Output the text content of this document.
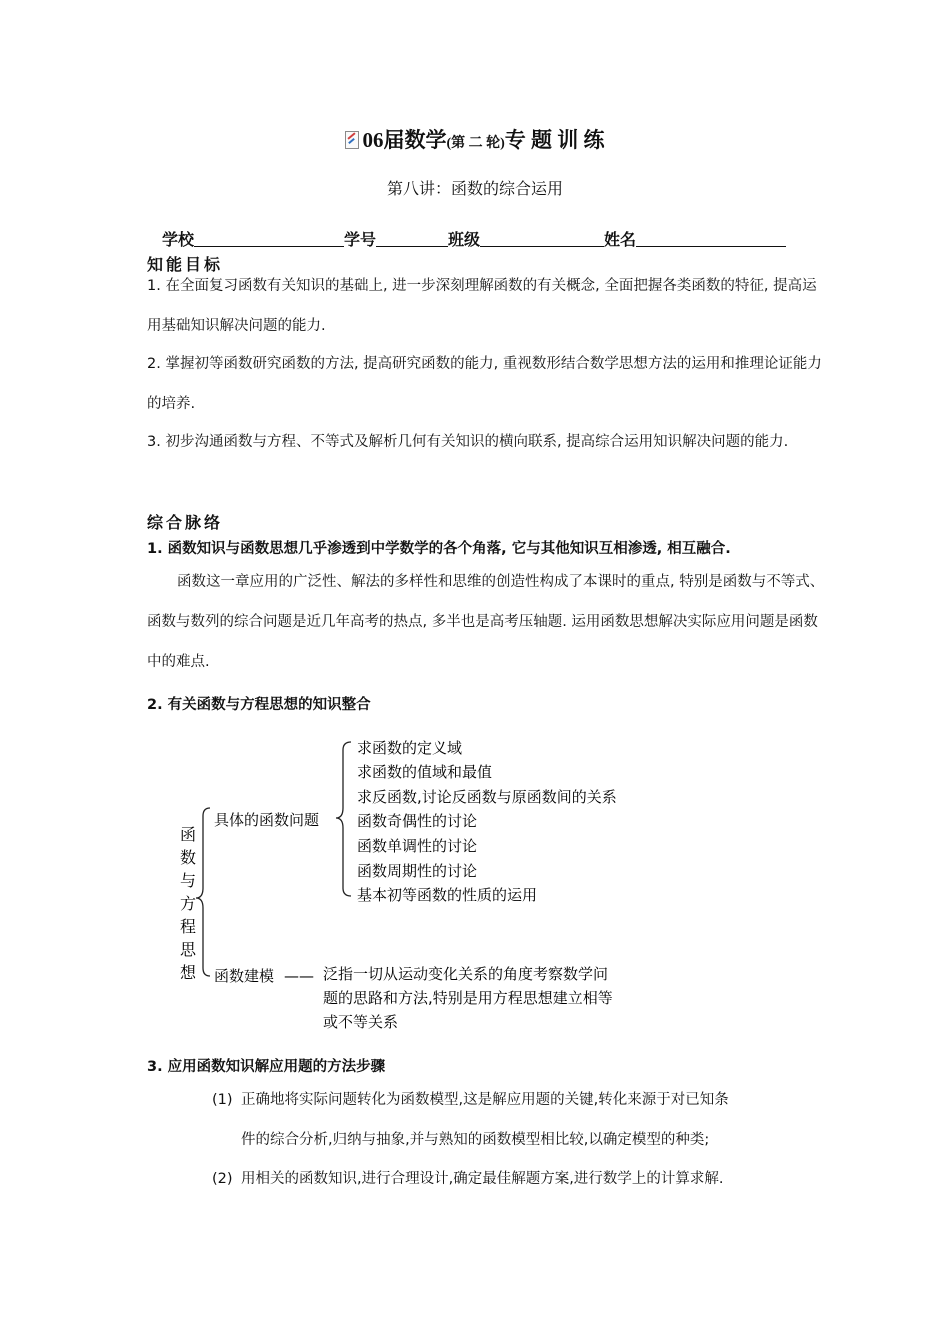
06届数学(第 二 轮)专 题 训 练
第八讲：函数的综合运用
学校	学号	班级	姓名
知能目标
1. 在全面复习函数有关知识的基础上, 进一步深刻理解函数的有关概念, 全面把握各类函数的特征, 提高运用基础知识解决问题的能力.
2. 掌握初等函数研究函数的方法, 提高研究函数的能力, 重视数形结合数学思想方法的运用和推理论证能力的培养.
3. 初步沟通函数与方程、不等式及解析几何有关知识的横向联系, 提高综合运用知识解决问题的能力.
综合脉络
1. 函数知识与函数思想几乎渗透到中学数学的各个角落, 它与其他知识互相渗透, 相互融合.
函数这一章应用的广泛性、解法的多样性和思维的创造性构成了本课时的重点, 特别是函数与不等式、函数与数列的综合问题是近几年高考的热点, 多半也是高考压轴题. 运用函数思想解决实际应用问题是函数中的难点.
2. 有关函数与方程思想的知识整合
函
数
与
方
程
思
想
具体的函数问题
求函数的定义域
求函数的值域和最值
求反函数,讨论反函数与原函数间的关系
函数奇偶性的讨论
函数单调性的讨论
函数周期性的讨论
基本初等函数的性质的运用
函数建模 —— 泛指一切从运动变化关系的角度考察数学问
题的思路和方法,特别是用方程思想建立相等
或不等关系
3. 应用函数知识解应用题的方法步骤
(1) 正确地将实际问题转化为函数模型,这是解应用题的关键,转化来源于对已知条
件的综合分析,归纳与抽象,并与熟知的函数模型相比较,以确定模型的种类;
(2) 用相关的函数知识,进行合理设计,确定最佳解题方案,进行数学上的计算求解.
